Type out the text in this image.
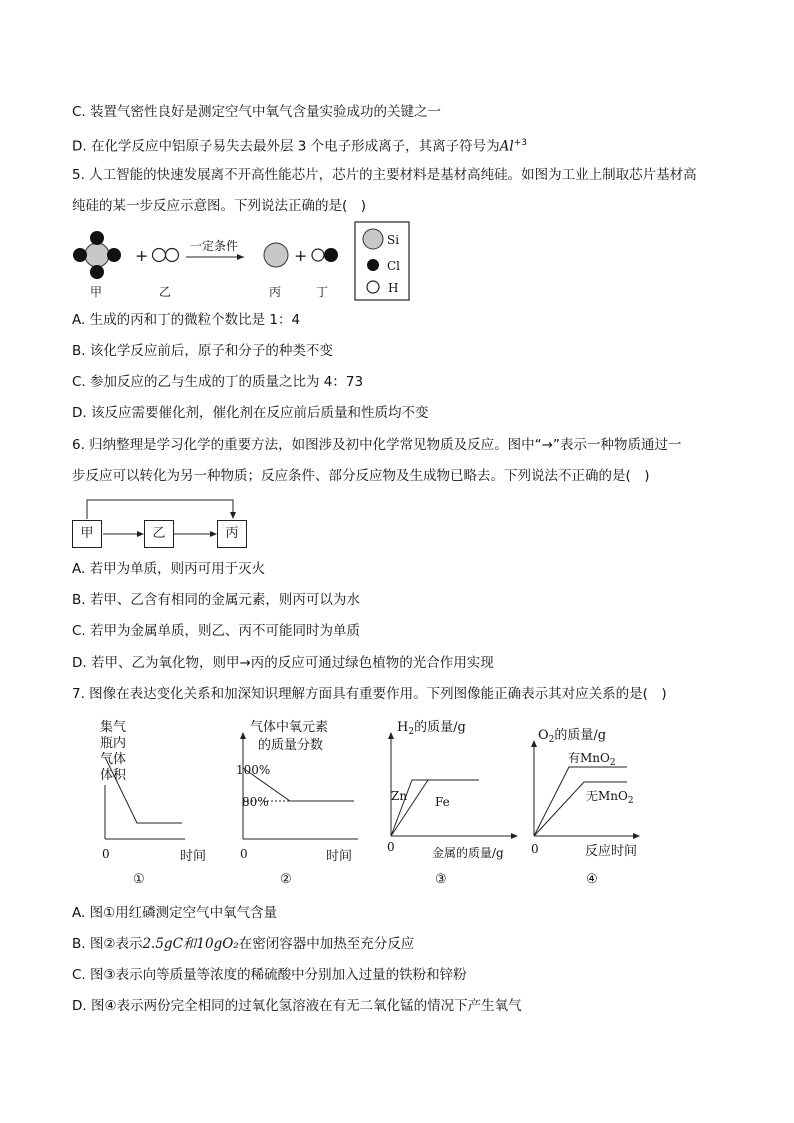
C. 装置气密性良好是测定空气中氧气含量实验成功的关键之一
D. 在化学反应中铝原子易失去最外层 3 个电子形成离子，其离子符号为$Al^{+3}$
5. 人工智能的快速发展离不开高性能芯片，芯片的主要材料是基材高纯硅。如图为工业上制取芯片基材高
纯硅的某一步反应示意图。下列说法正确的是(　)
+	一定条件	+
甲	乙	丙	丁
Si
Cl
H
A. 生成的丙和丁的微粒个数比是 1：4
B. 该化学反应前后，原子和分子的种类不变
C. 参加反应的乙与生成的丁的质量之比为 4：73
D. 该反应需要催化剂，催化剂在反应前后质量和性质均不变
6. 归纳整理是学习化学的重要方法，如图涉及初中化学常见物质及反应。图中“→”表示一种物质通过一
步反应可以转化为另一种物质；反应条件、部分反应物及生成物已略去。下列说法不正确的是(　)
甲	乙	丙
A. 若甲为单质，则丙可用于灭火
B. 若甲、乙含有相同的金属元素，则丙可以为水
C. 若甲为金属单质，则乙、丙不可能同时为单质
D. 若甲、乙为氧化物，则甲→丙的反应可通过绿色植物的光合作用实现
7. 图像在表达变化关系和加深知识理解方面具有重要作用。下列图像能正确表示其对应关系的是(　)
集气
瓶内
气体
体积
0	时间
①
气体中氧元素
的质量分数
100%
80%
0	时间
②
$H_2$的质量/g
Zn Fe
0	金属的质量/g
③
$O_2$的质量/g
有MnO$_2$
无MnO$_2$
0	反应时间
④
A. 图①用红磷测定空气中氧气含量
B. 图②表示2.5gC和10gO₂在密闭容器中加热至充分反应
C. 图③表示向等质量等浓度的稀硫酸中分别加入过量的铁粉和锌粉
D. 图④表示两份完全相同的过氧化氢溶液在有无二氧化锰的情况下产生氧气
